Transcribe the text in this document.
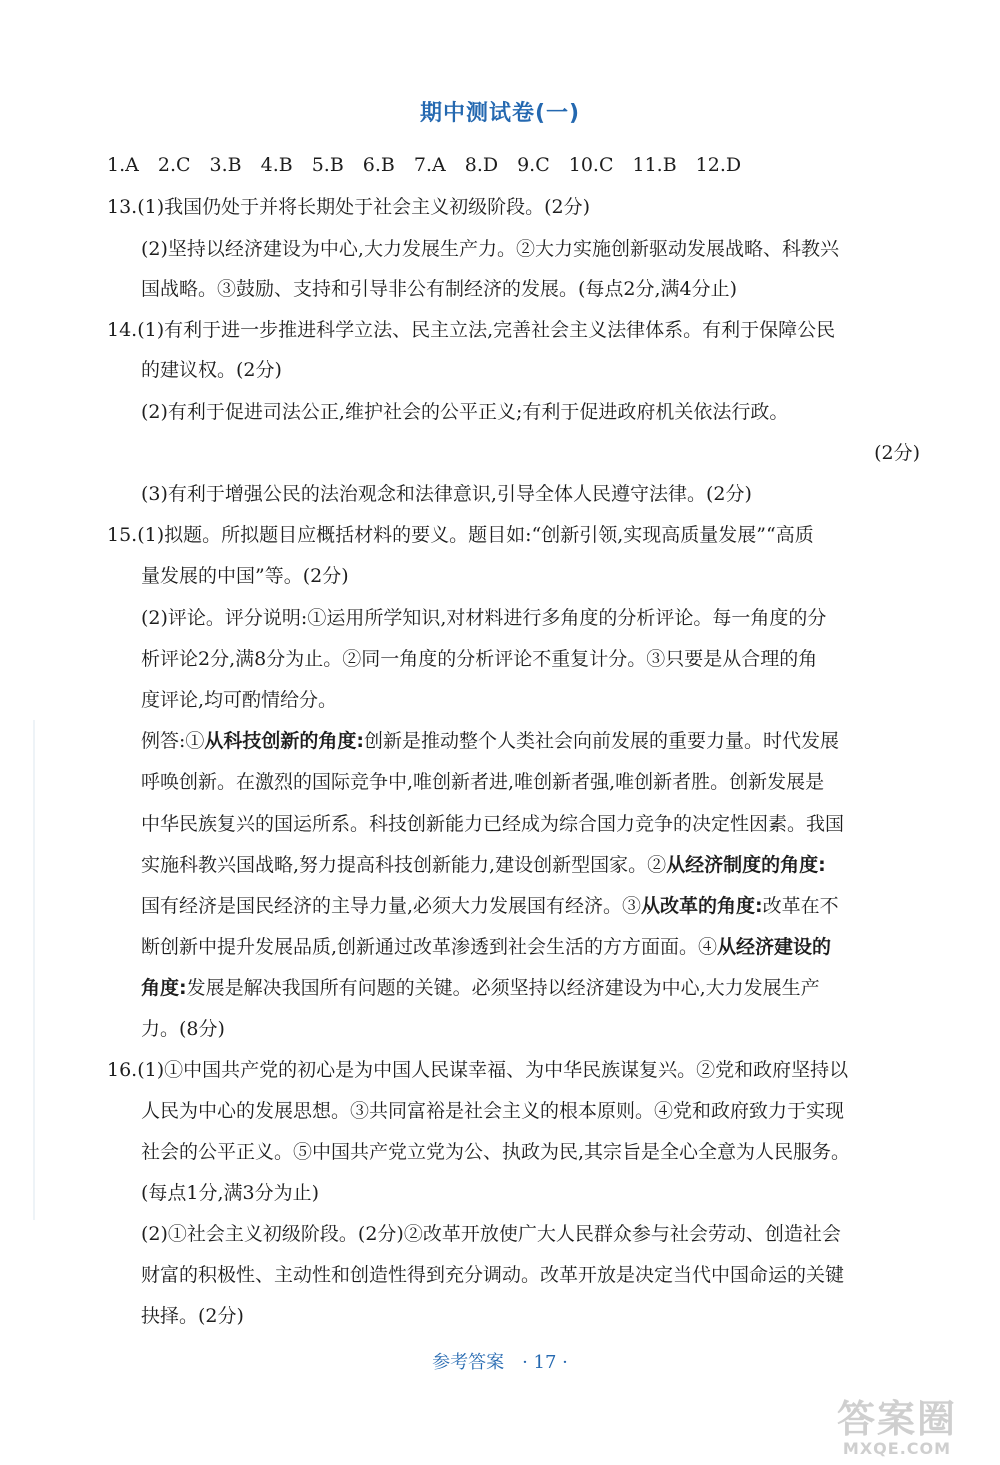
期中测试卷(一)
1.A　2.C　3.B　4.B　5.B　6.B　7.A　8.D　9.C　10.C　11.B　12.D
13.(1)我国仍处于并将长期处于社会主义初级阶段。(2分)
(2)坚持以经济建设为中心,大力发展生产力。②大力实施创新驱动发展战略、科教兴
国战略。③鼓励、支持和引导非公有制经济的发展。(每点2分,满4分止)
14.(1)有利于进一步推进科学立法、民主立法,完善社会主义法律体系。有利于保障公民
的建议权。(2分)
(2)有利于促进司法公正,维护社会的公平正义;有利于促进政府机关依法行政。
(2分)
(3)有利于增强公民的法治观念和法律意识,引导全体人民遵守法律。(2分)
15.(1)拟题。所拟题目应概括材料的要义。题目如:“创新引领,实现高质量发展”“高质
量发展的中国”等。(2分)
(2)评论。评分说明:①运用所学知识,对材料进行多角度的分析评论。每一角度的分
析评论2分,满8分为止。②同一角度的分析评论不重复计分。③只要是从合理的角
度评论,均可酌情给分。
例答:①从科技创新的角度:创新是推动整个人类社会向前发展的重要力量。时代发展
呼唤创新。在激烈的国际竞争中,唯创新者进,唯创新者强,唯创新者胜。创新发展是
中华民族复兴的国运所系。科技创新能力已经成为综合国力竞争的决定性因素。我国
实施科教兴国战略,努力提高科技创新能力,建设创新型国家。②从经济制度的角度:
国有经济是国民经济的主导力量,必须大力发展国有经济。③从改革的角度:改革在不
断创新中提升发展品质,创新通过改革渗透到社会生活的方方面面。④从经济建设的
角度:发展是解决我国所有问题的关键。必须坚持以经济建设为中心,大力发展生产
力。(8分)
16.(1)①中国共产党的初心是为中国人民谋幸福、为中华民族谋复兴。②党和政府坚持以
人民为中心的发展思想。③共同富裕是社会主义的根本原则。④党和政府致力于实现
社会的公平正义。⑤中国共产党立党为公、执政为民,其宗旨是全心全意为人民服务。
(每点1分,满3分为止)
(2)①社会主义初级阶段。(2分)②改革开放使广大人民群众参与社会劳动、创造社会
财富的积极性、主动性和创造性得到充分调动。改革开放是决定当代中国命运的关键
抉择。(2分)
参考答案　· 17 ·
答案圈
MXQE.COM
